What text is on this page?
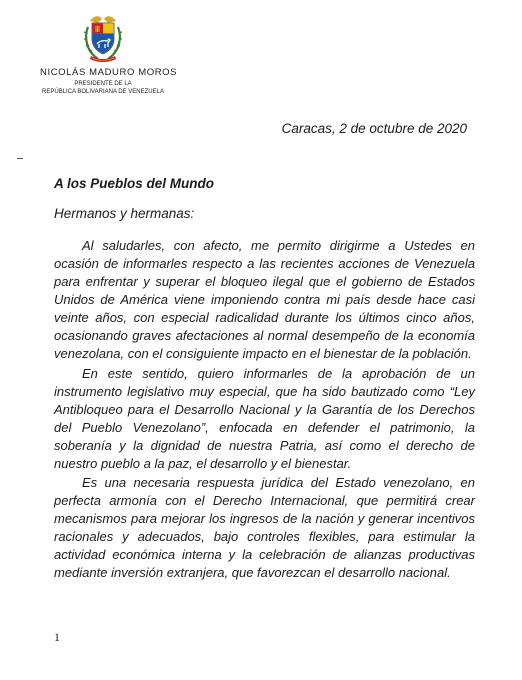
NICOLÁS MADURO MOROS
PRESIDENTE DE LA
REPÚBLICA BOLIVARIANA DE VENEZUELA
Caracas, 2 de octubre de 2020
A los Pueblos del Mundo
Hermanos y hermanas:

Al saludarles, con afecto, me permito dirigirme a Ustedes en ocasión de informarles respecto a las recientes acciones de Venezuela para enfrentar y superar el bloqueo ilegal que el gobierno de Estados Unidos de América viene imponiendo contra mi país desde hace casi veinte años, con especial radicalidad durante los últimos cinco años, ocasionando graves afectaciones al normal desempeño de la economía venezolana, con el consiguiente impacto en el bienestar de la población.

En este sentido, quiero informarles de la aprobación de un instrumento legislativo muy especial, que ha sido bautizado como “Ley Antibloqueo para el Desarrollo Nacional y la Garantía de los Derechos del Pueblo Venezolano”, enfocada en defender el patrimonio, la soberanía y la dignidad de nuestra Patria, así como el derecho de nuestro pueblo a la paz, el desarrollo y el bienestar.

Es una necesaria respuesta jurídica del Estado venezolano, en perfecta armonía con el Derecho Internacional, que permitirá crear mecanismos para mejorar los ingresos de la nación y generar incentivos racionales y adecuados, bajo controles flexibles, para estimular la actividad económica interna y la celebración de alianzas productivas mediante inversión extranjera, que favorezcan el desarrollo nacional.

1
